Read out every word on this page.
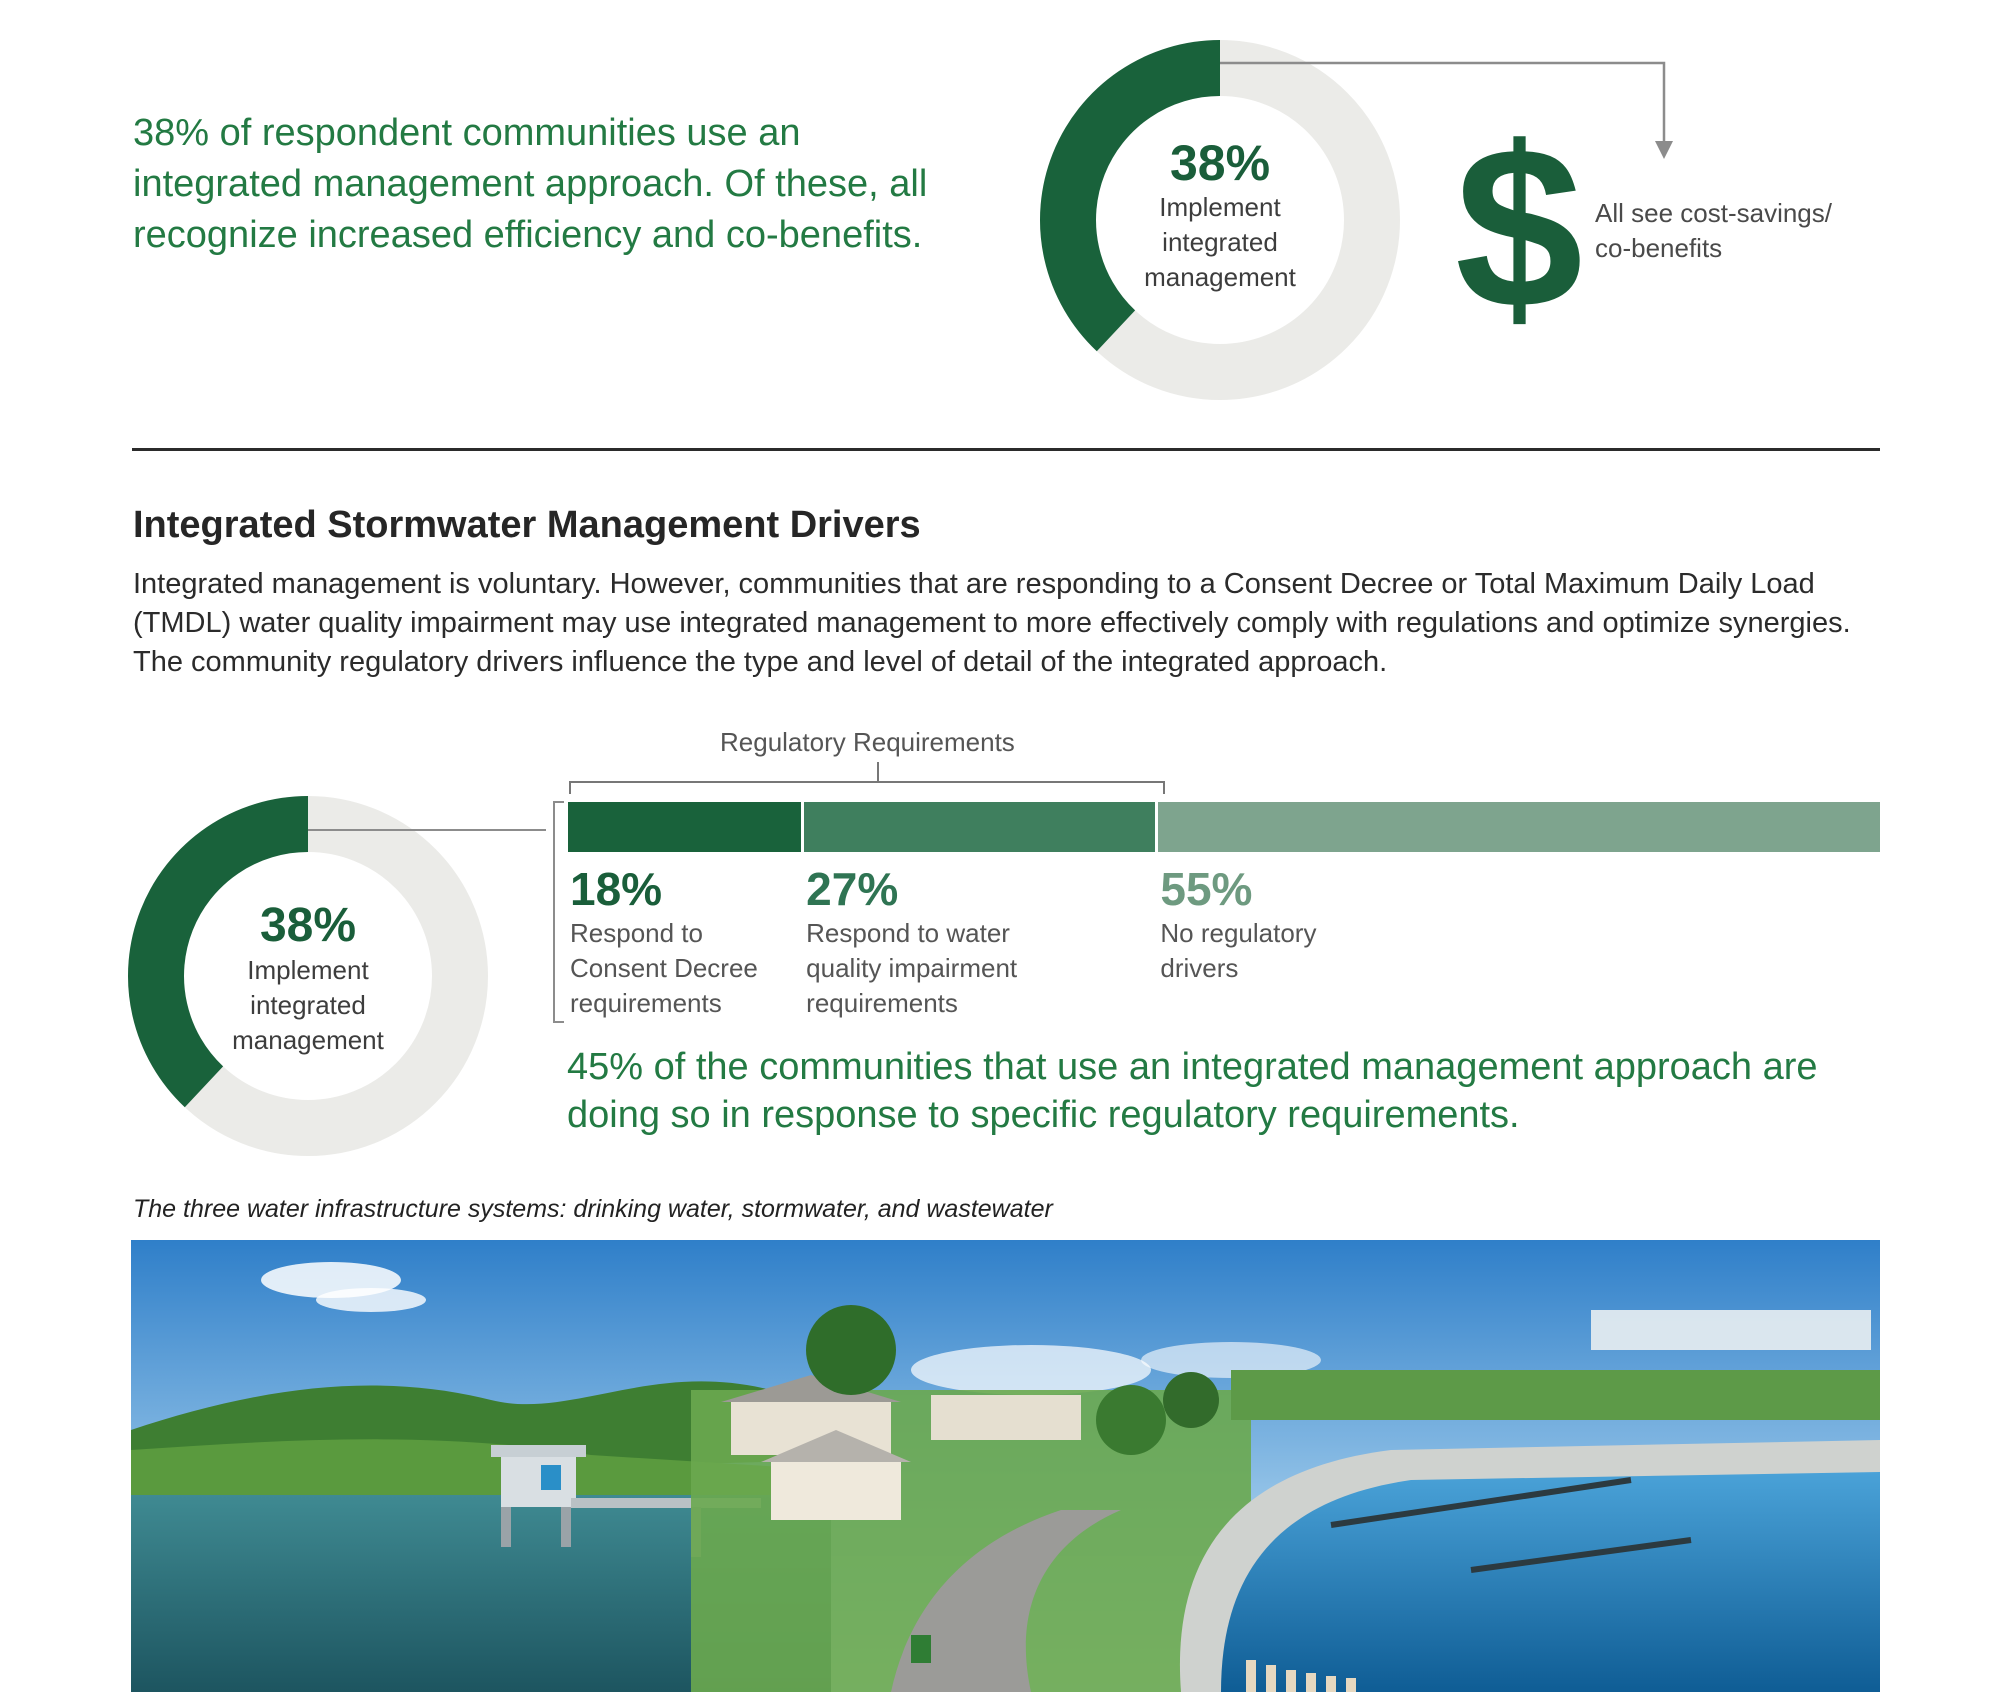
38% of respondent communities use an integrated management approach. Of these, all recognize increased efficiency and co-benefits.
38%
Implement
integrated
management $ All see cost-savings/
co-benefits
Integrated Stormwater Management Drivers
Integrated management is voluntary. However, communities that are responding to a Consent Decree or Total Maximum Daily Load (TMDL) water quality impairment may use integrated management to more effectively comply with regulations and optimize synergies. The community regulatory drivers influence the type and level of detail of the integrated approach.
Regulatory Requirements
38%
Implement
integrated
management
18%
Respond to
Consent Decree
requirements
27%
Respond to water
quality impairment
requirements
55%
No regulatory
drivers
45% of the communities that use an integrated management approach are doing so in response to specific regulatory requirements.
The three water infrastructure systems: drinking water, stormwater, and wastewater
